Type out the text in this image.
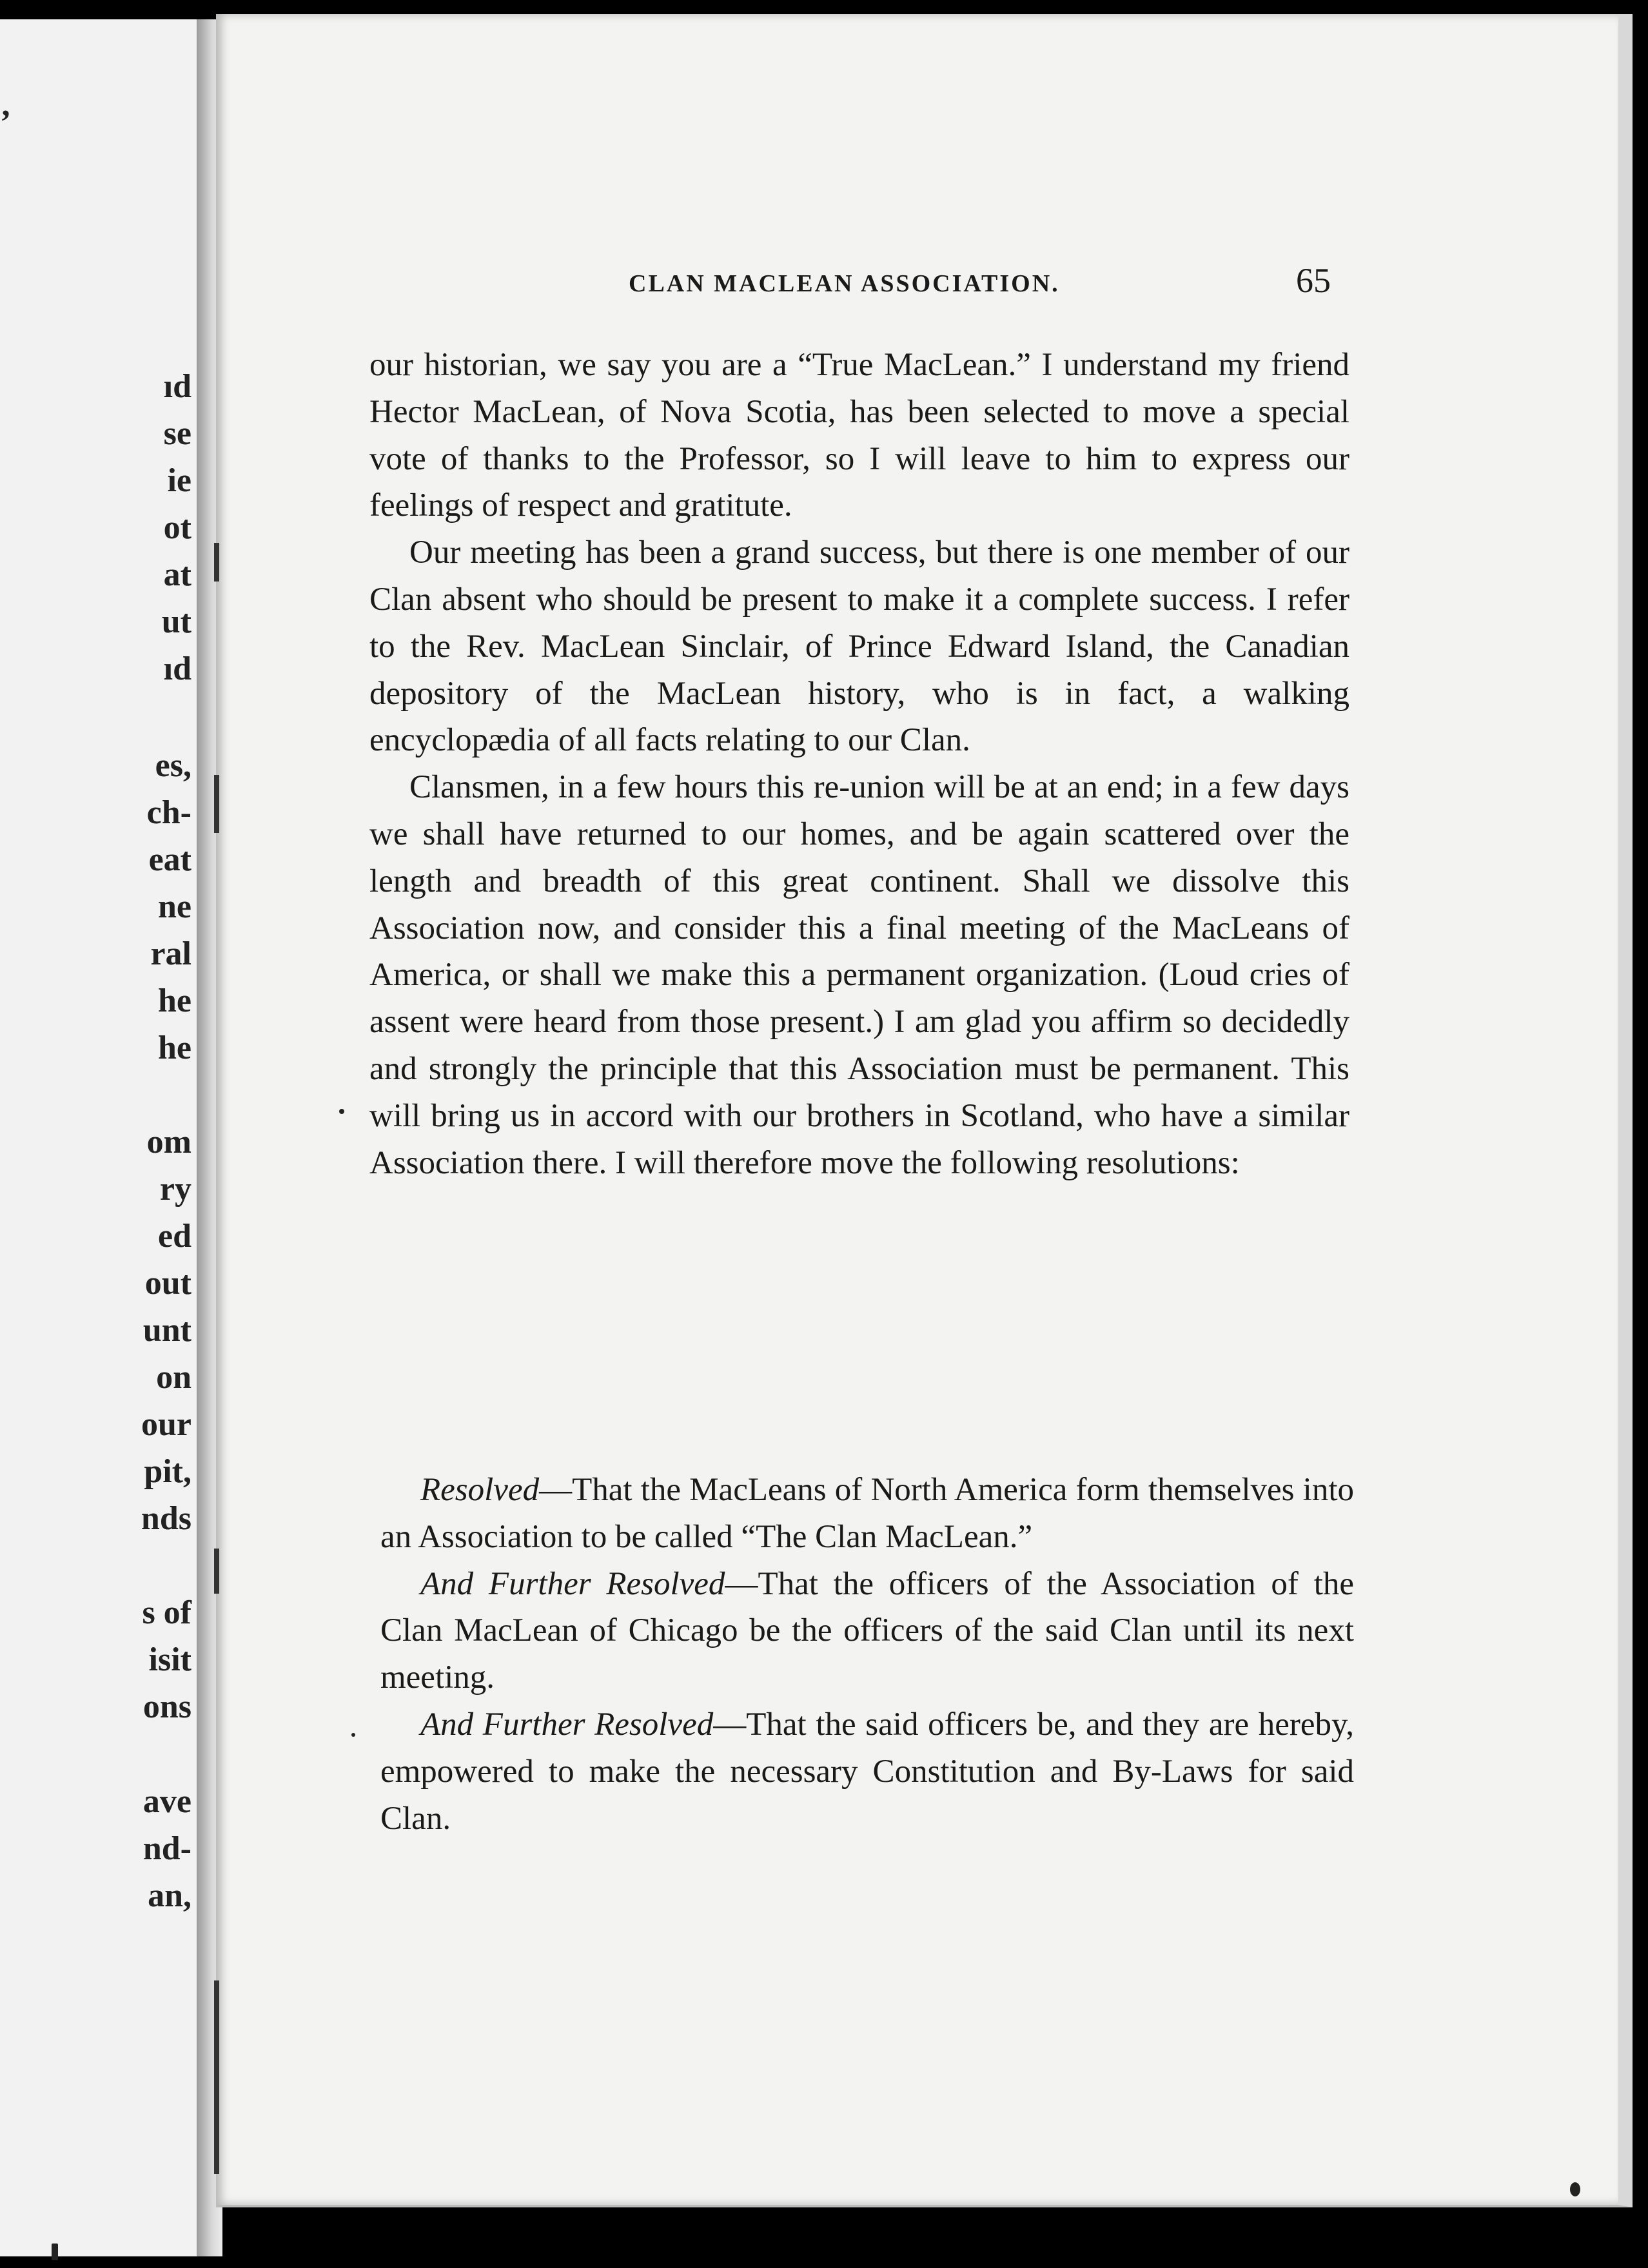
’
ıd
se
ie
ot
at
ut
ıd
es,
ch-
eat
ne
ral
he
he
om
ry
ed
out
unt
on
our
pit,
nds
s of
isit
ons
ave
nd-
an,
CLAN MACLEAN ASSOCIATION.	65

our historian, we say you are a “True MacLean.” I understand my friend Hector MacLean, of Nova Scotia, has been selected to move a special vote of thanks to the Professor, so I will leave to him to express our feelings of respect and gratitute.

Our meeting has been a grand success, but there is one member of our Clan absent who should be present to make it a complete success. I refer to the Rev. MacLean Sinclair, of Prince Edward Island, the Canadian depository of the MacLean history, who is in fact, a walking encyclopædia of all facts relating to our Clan.

Clansmen, in a few hours this re-union will be at an end; in a few days we shall have returned to our homes, and be again scattered over the length and breadth of this great continent. Shall we dissolve this Association now, and consider this a final meeting of the MacLeans of America, or shall we make this a permanent organization. (Loud cries of assent were heard from those present.) I am glad you affirm so decidedly and strongly the principle that this Association must be permanent. This will bring us in accord with our brothers in Scotland, who have a similar Association there. I will therefore move the following resolutions:

Resolved—That the MacLeans of North America form themselves into an Association to be called “The Clan MacLean.”

And Further Resolved—That the officers of the Association of the Clan MacLean of Chicago be the officers of the said Clan until its next meeting.

And Further Resolved—That the said officers be, and they are hereby, empowered to make the necessary Constitution and By-Laws for said Clan.
